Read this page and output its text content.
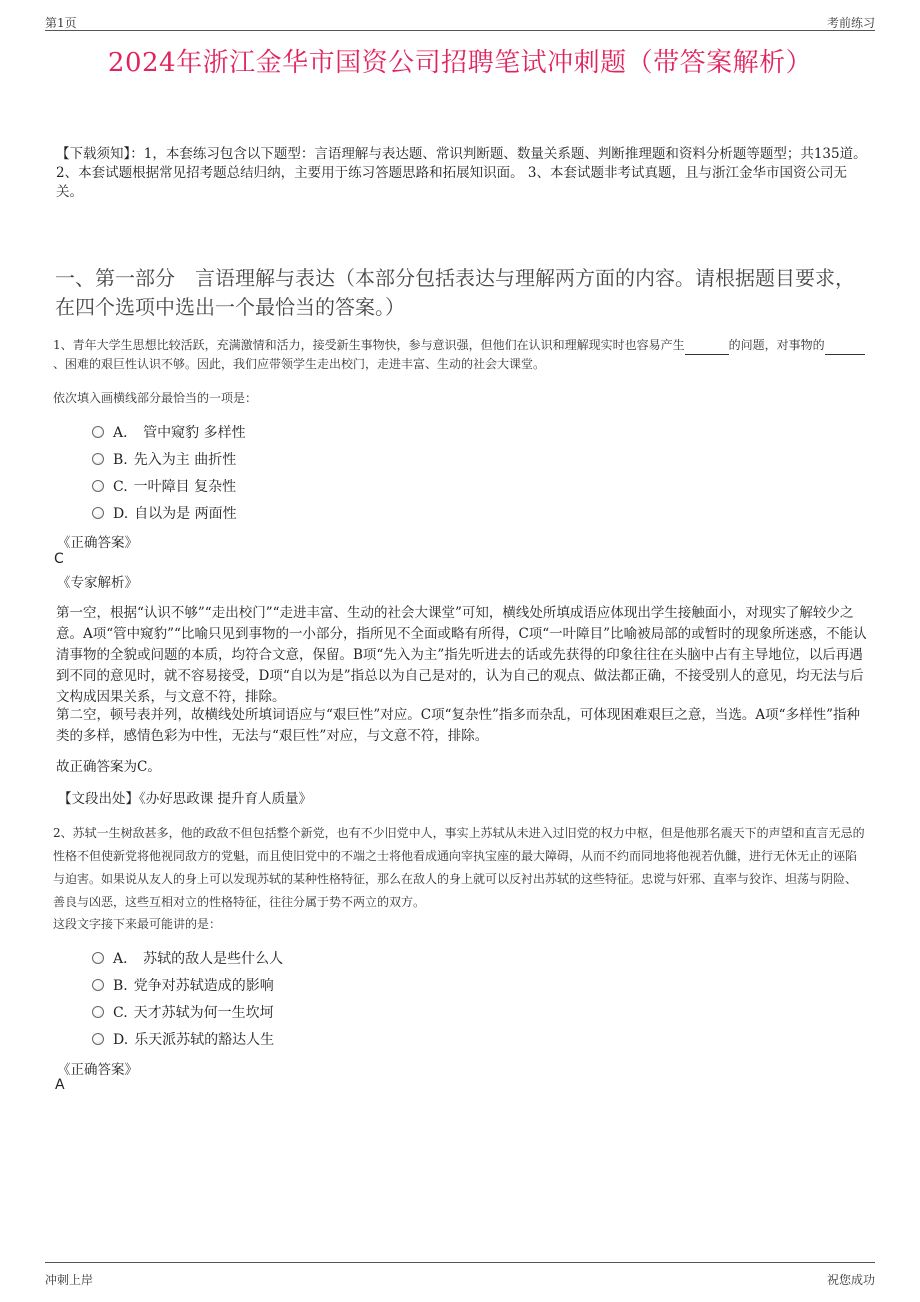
第1页	考前练习
2024年浙江金华市国资公司招聘笔试冲刺题（带答案解析）
【下载须知】：1，本套练习包含以下题型：言语理解与表达题、常识判断题、数量关系题、判断推理题和资料分析题等题型；共135道。 2、本套试题根据常见招考题总结归纳，主要用于练习答题思路和拓展知识面。 3、本套试题非考试真题，且与浙江金华市国资公司无关。
一、第一部分　言语理解与表达（本部分包括表达与理解两方面的内容。请根据题目要求，在四个选项中选出一个最恰当的答案。）
1、青年大学生思想比较活跃，充满激情和活力，接受新生事物快，参与意识强，但他们在认识和理解现实时也容易产生	的问题，对事物的 、困难的艰巨性认识不够。因此，我们应带领学生走出校门，走进丰富、生动的社会大课堂。
依次填入画横线部分最恰当的一项是：
A． 管中窥豹 多样性
B. 先入为主 曲折性
C. 一叶障目 复杂性
D. 自以为是 两面性
《正确答案》
C
《专家解析》
第一空，根据“认识不够”“走出校门”“走进丰富、生动的社会大课堂”可知，横线处所填成语应体现出学生接触面小，对现实了解较少之意。A项“管中窥豹”“比喻只见到事物的一小部分，指所见不全面或略有所得，C项“一叶障目”比喻被局部的或暂时的现象所迷惑，不能认清事物的全貌或问题的本质，均符合文意，保留。B项“先入为主”指先听进去的话或先获得的印象往往在头脑中占有主导地位，以后再遇到不同的意见时，就不容易接受，D项“自以为是”指总以为自己是对的，认为自己的观点、做法都正确，不接受别人的意见，均无法与后文构成因果关系，与文意不符，排除。
第二空，顿号表并列，故横线处所填词语应与“艰巨性”对应。C项“复杂性”指多而杂乱，可体现困难艰巨之意，当选。A项“多样性”指种类的多样，感情色彩为中性，无法与“艰巨性”对应，与文意不符，排除。
故正确答案为C。
【文段出处】《办好思政课 提升育人质量》
2、苏轼一生树敌甚多，他的政敌不但包括整个新党，也有不少旧党中人，事实上苏轼从未进入过旧党的权力中枢，但是他那名震天下的声望和直言无忌的性格不但使新党将他视同敌方的党魁，而且使旧党中的不端之士将他看成通向宰执宝座的最大障碍，从而不约而同地将他视若仇雠，进行无休无止的诬陷与迫害。如果说从友人的身上可以发现苏轼的某种性格特征，那么在敌人的身上就可以反衬出苏轼的这些特征。忠谠与奸邪、直率与狡诈、坦荡与阴险、善良与凶恶，这些互相对立的性格特征，往往分属于势不两立的双方。
这段文字接下来最可能讲的是：
A． 苏轼的敌人是些什么人
B. 党争对苏轼造成的影响
C. 天才苏轼为何一生坎坷
D. 乐天派苏轼的豁达人生
《正确答案》
A
冲刺上岸	祝您成功
